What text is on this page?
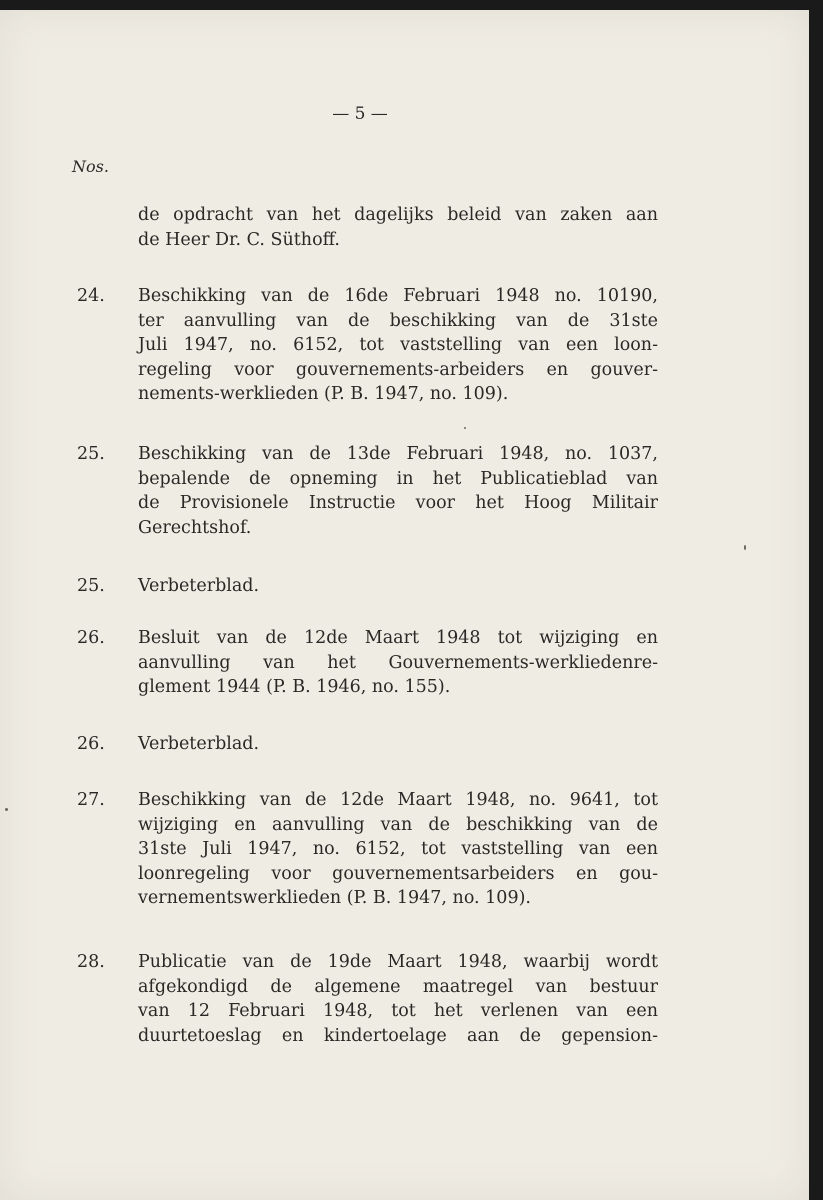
— 5 —
Nos.
de opdracht van het dagelijks beleid van zaken aan
de Heer Dr. C. Süthoff.
24. Beschikking van de 16de Februari 1948 no. 10190,
ter aanvulling van de beschikking van de 31ste
Juli 1947, no. 6152, tot vaststelling van een loon-
regeling voor gouvernements-arbeiders en gouver-
nements-werklieden (P. B. 1947, no. 109).
25. Beschikking van de 13de Februari 1948, no. 1037,
bepalende de opneming in het Publicatieblad van
de Provisionele Instructie voor het Hoog Militair
Gerechtshof.
25. Verbeterblad.
26. Besluit van de 12de Maart 1948 tot wijziging en
aanvulling van het Gouvernements-werkliedenre-
glement 1944 (P. B. 1946, no. 155).
26. Verbeterblad.
27. Beschikking van de 12de Maart 1948, no. 9641, tot
wijziging en aanvulling van de beschikking van de
31ste Juli 1947, no. 6152, tot vaststelling van een
loonregeling voor gouvernementsarbeiders en gou-
vernementswerklieden (P. B. 1947, no. 109).
28. Publicatie van de 19de Maart 1948, waarbij wordt
afgekondigd de algemene maatregel van bestuur
van 12 Februari 1948, tot het verlenen van een
duurtetoeslag en kindertoelage aan de gepension-
